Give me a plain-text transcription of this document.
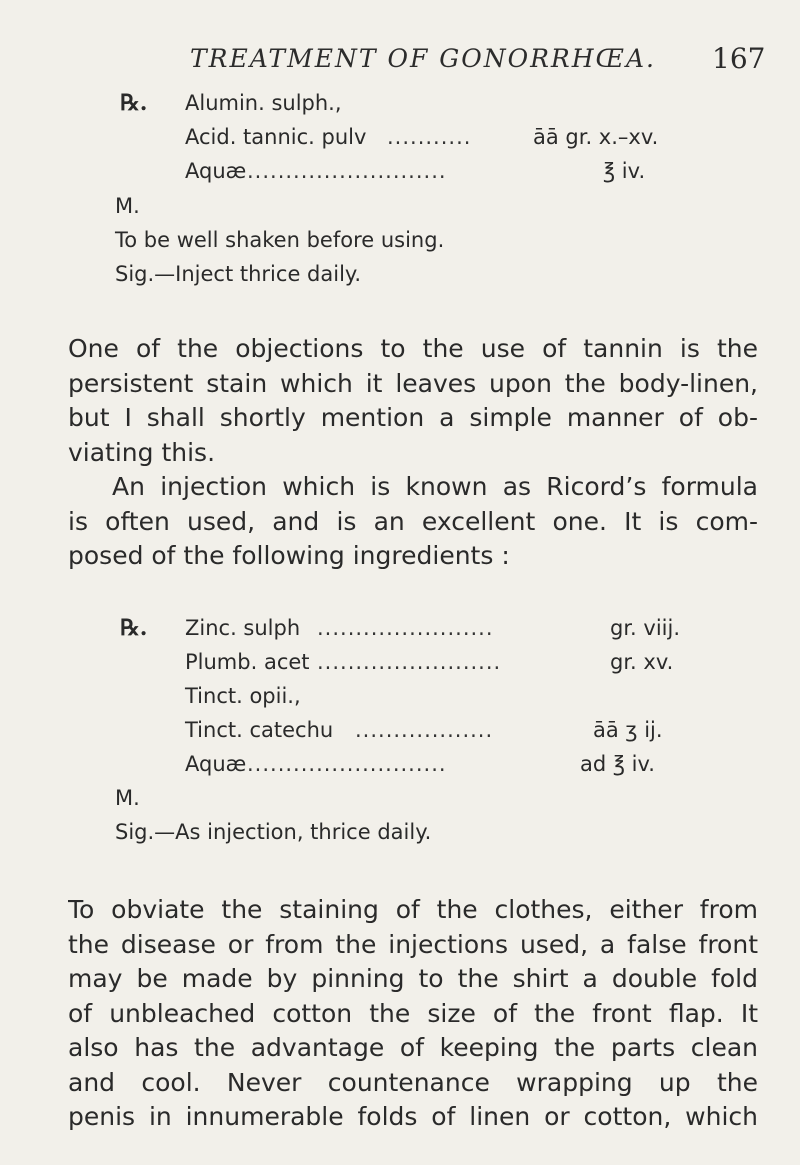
TREATMENT OF GONORRHŒA. 167
℞. Alumin. sulph.,
Acid. tannic. pulv ...........	āā gr. x.–xv.
Aquæ ..........................	℥ iv.
M.
To be well shaken before using.
Sig.—Inject thrice daily.
One of the objections to the use of tannin is the
persistent stain which it leaves upon the body-linen,
but I shall shortly mention a simple manner of ob-
viating this.
An injection which is known as Ricord’s formula
is often used, and is an excellent one. It is com-
posed of the following ingredients :
℞. Zinc. sulph .......................	gr. viij.
Plumb. acet ........................	gr. xv.
Tinct. opii.,
Tinct. catechu ..................	āā ʒ ij.
Aquæ ..........................	ad ℥ iv.
M.
Sig.—As injection, thrice daily.
To obviate the staining of the clothes, either from
the disease or from the injections used, a false front
may be made by pinning to the shirt a double fold
of unbleached cotton the size of the front flap. It
also has the advantage of keeping the parts clean
and cool. Never countenance wrapping up the
penis in innumerable folds of linen or cotton, which
